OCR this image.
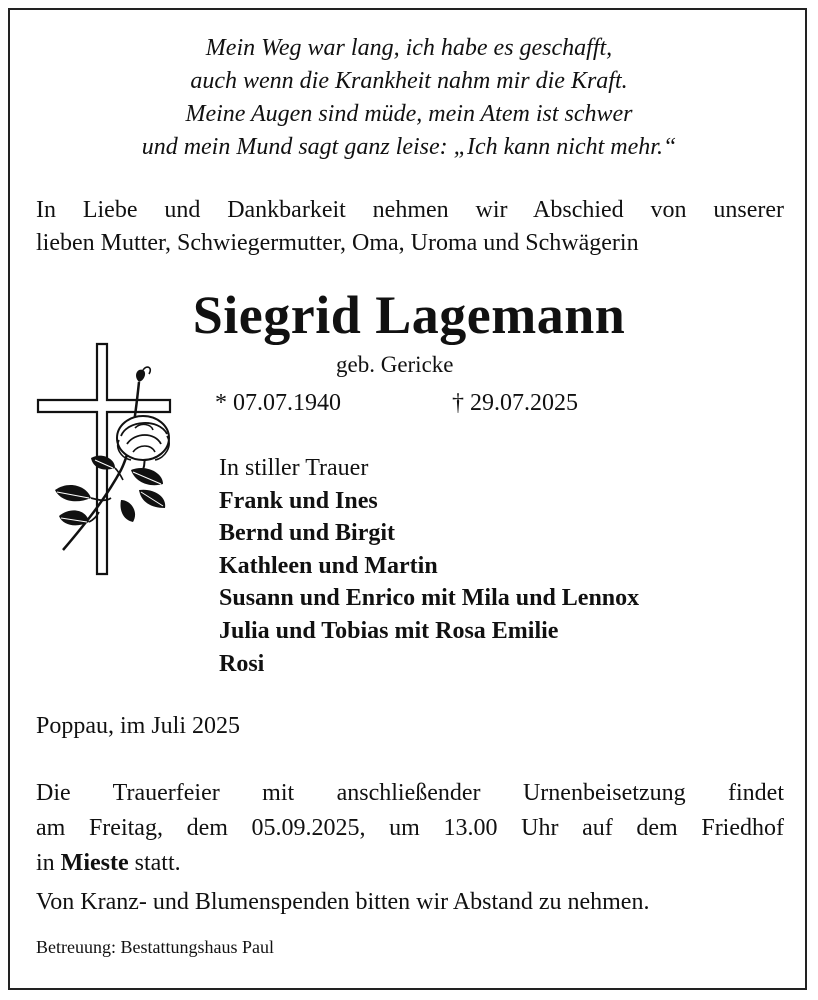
Mein Weg war lang, ich habe es geschafft,
auch wenn die Krankheit nahm mir die Kraft.
Meine Augen sind müde, mein Atem ist schwer
und mein Mund sagt ganz leise: „Ich kann nicht mehr.“
In Liebe und Dankbarkeit nehmen wir Abschied von unserer
lieben Mutter, Schwiegermutter, Oma, Uroma und Schwägerin
Siegrid Lagemann
geb. Gericke
* 07.07.1940	† 29.07.2025
In stiller Trauer
Frank und Ines
Bernd und Birgit
Kathleen und Martin
Susann und Enrico mit Mila und Lennox
Julia und Tobias mit Rosa Emilie
Rosi
Poppau, im Juli 2025
Die Trauerfeier mit anschließender Urnenbeisetzung findet
am Freitag, dem 05.09.2025, um 13.00 Uhr auf dem Friedhof
in Mieste statt.
Von Kranz- und Blumenspenden bitten wir Abstand zu nehmen.
Betreuung: Bestattungshaus Paul
